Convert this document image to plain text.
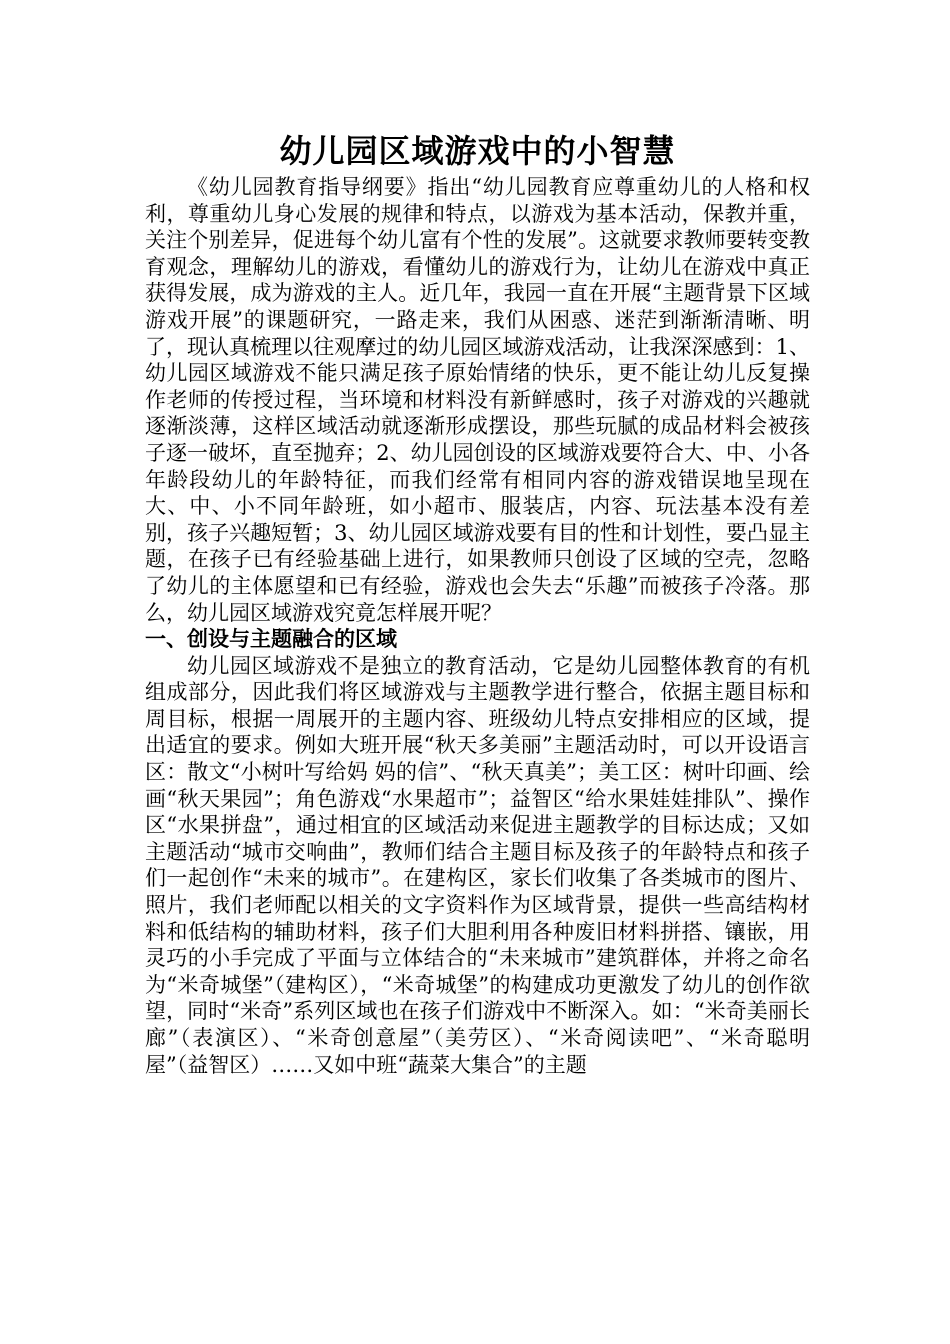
幼儿园区域游戏中的小智慧

《幼儿园教育指导纲要》指出“幼儿园教育应尊重幼儿的人格和权利，尊重幼儿身心发展的规律和特点，以游戏为基本活动，保教并重，关注个别差异，促进每个幼儿富有个性的发展”。这就要求教师要转变教育观念，理解幼儿的游戏，看懂幼儿的游戏行为，让幼儿在游戏中真正获得发展，成为游戏的主人。近几年，我园一直在开展“主题背景下区域游戏开展”的课题研究，一路走来，我们从困惑、迷茫到渐渐清晰、明了，现认真梳理以往观摩过的幼儿园区域游戏活动，让我深深感到：1、幼儿园区域游戏不能只满足孩子原始情绪的快乐，更不能让幼儿反复操作老师的传授过程，当环境和材料没有新鲜感时，孩子对游戏的兴趣就逐渐淡薄，这样区域活动就逐渐形成摆设，那些玩腻的成品材料会被孩子逐一破坏，直至抛弃；2、幼儿园创设的区域游戏要符合大、中、小各年龄段幼儿的年龄特征，而我们经常有相同内容的游戏错误地呈现在大、中、小不同年龄班，如小超市、服装店，内容、玩法基本没有差别，孩子兴趣短暂；3、幼儿园区域游戏要有目的性和计划性，要凸显主题，在孩子已有经验基础上进行，如果教师只创设了区域的空壳，忽略了幼儿的主体愿望和已有经验，游戏也会失去“乐趣”而被孩子冷落。那么，幼儿园区域游戏究竟怎样展开呢？

一、创设与主题融合的区域

幼儿园区域游戏不是独立的教育活动，它是幼儿园整体教育的有机组成部分，因此我们将区域游戏与主题教学进行整合，依据主题目标和周目标，根据一周展开的主题内容、班级幼儿特点安排相应的区域，提出适宜的要求。例如大班开展“秋天多美丽”主题活动时，可以开设语言区：散文“小树叶写给妈 妈的信”、“秋天真美”；美工区：树叶印画、绘画“秋天果园”；角色游戏“水果超市”；益智区“给水果娃娃排队”、操作区“水果拼盘”，通过相宜的区域活动来促进主题教学的目标达成；又如主题活动“城市交响曲”，教师们结合主题目标及孩子的年龄特点和孩子们一起创作“未来的城市”。在建构区，家长们收集了各类城市的图片、照片，我们老师配以相关的文字资料作为区域背景，提供一些高结构材料和低结构的辅助材料，孩子们大胆利用各种废旧材料拼搭、镶嵌，用灵巧的小手完成了平面与立体结合的“未来城市”建筑群体，并将之命名为“米奇城堡”（建构区），“米奇城堡”的构建成功更激发了幼儿的创作欲望，同时“米奇”系列区域也在孩子们游戏中不断深入。如：“米奇美丽长廊”（表演区）、“米奇创意屋”（美劳区）、“米奇阅读吧”、“米奇聪明屋”（益智区）……又如中班“蔬菜大集合”的主题
